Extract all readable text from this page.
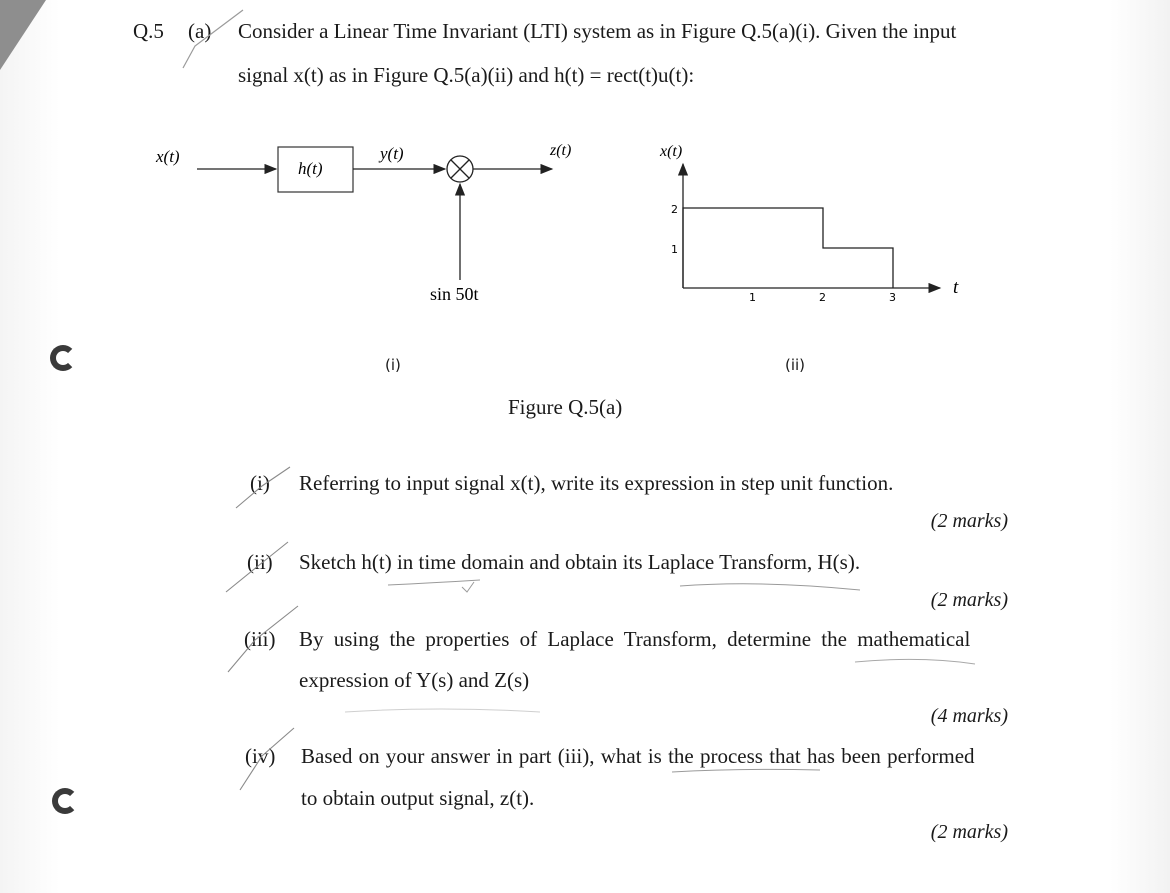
Q.5 (a) Consider a Linear Time Invariant (LTI) system as in Figure Q.5(a)(i). Given the input
signal x(t) as in Figure Q.5(a)(ii) and h(t) = rect(t)u(t):
x(t)
h(t)
y(t)	z(t)
sin 50t
(i)
x(t)
t
1
2
1	2	3
(ii)
Figure Q.5(a)
(i) Referring to input signal x(t), write its expression in step unit function.
(2 marks)
(ii) Sketch h(t) in time domain and obtain its Laplace Transform, H(s).
(2 marks)
(iii) By using the properties of Laplace Transform, determine the mathematical
expression of Y(s) and Z(s)
(4 marks)
(iv) Based on your answer in part (iii), what is the process that has been performed
to obtain output signal, z(t).
(2 marks)
